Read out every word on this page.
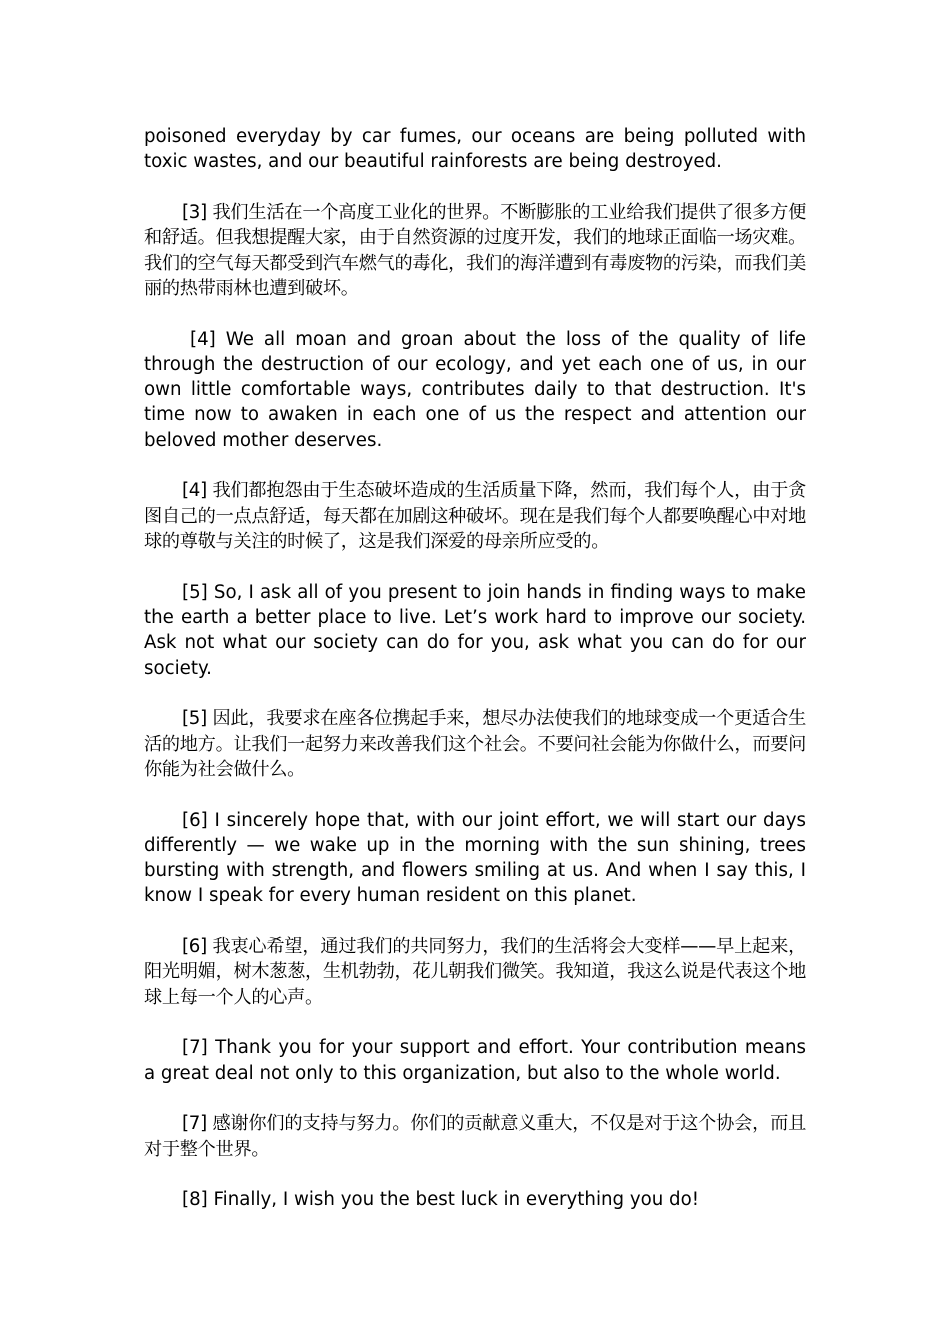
poisoned everyday by car fumes, our oceans are being polluted with toxic wastes, and our beautiful rainforests are being destroyed.

[3] 我们生活在一个高度工业化的世界。不断膨胀的工业给我们提供了很多方便和舒适。但我想提醒大家，由于自然资源的过度开发，我们的地球正面临一场灾难。我们的空气每天都受到汽车燃气的毒化，我们的海洋遭到有毒废物的污染，而我们美丽的热带雨林也遭到破坏。

[4] We all moan and groan about the loss of the quality of life through the destruction of our ecology, and yet each one of us, in our own little comfortable ways, contributes daily to that destruction. It's time now to awaken in each one of us the respect and attention our beloved mother deserves.

[4] 我们都抱怨由于生态破坏造成的生活质量下降，然而，我们每个人，由于贪图自己的一点点舒适，每天都在加剧这种破坏。现在是我们每个人都要唤醒心中对地球的尊敬与关注的时候了，这是我们深爱的母亲所应受的。

[5] So, I ask all of you present to join hands in finding ways to make the earth a better place to live. Let’s work hard to improve our society. Ask not what our society can do for you, ask what you can do for our society.

[5] 因此，我要求在座各位携起手来，想尽办法使我们的地球变成一个更适合生活的地方。让我们一起努力来改善我们这个社会。不要问社会能为你做什么，而要问你能为社会做什么。

[6] I sincerely hope that, with our joint effort, we will start our days differently — we wake up in the morning with the sun shining, trees bursting with strength, and flowers smiling at us. And when I say this, I know I speak for every human resident on this planet.

[6] 我衷心希望，通过我们的共同努力，我们的生活将会大变样——早上起来，阳光明媚，树木葱葱，生机勃勃，花儿朝我们微笑。我知道，我这么说是代表这个地球上每一个人的心声。

[7] Thank you for your support and effort. Your contribution means a great deal not only to this organization, but also to the whole world.

[7] 感谢你们的支持与努力。你们的贡献意义重大，不仅是对于这个协会，而且对于整个世界。

[8] Finally, I wish you the best luck in everything you do!
